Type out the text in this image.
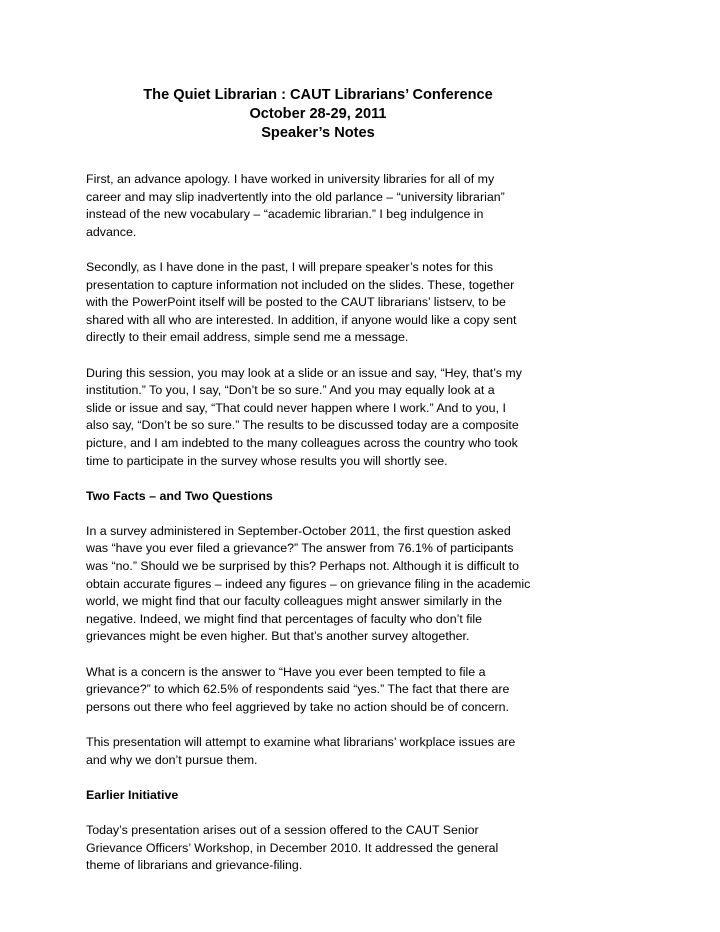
The Quiet Librarian : CAUT Librarians’ Conference
October 28-29, 2011
Speaker’s Notes
First, an advance apology. I have worked in university libraries for all of my
career and may slip inadvertently into the old parlance – “university librarian”
instead of the new vocabulary – “academic librarian.” I beg indulgence in
advance.
Secondly, as I have done in the past, I will prepare speaker’s notes for this
presentation to capture information not included on the slides. These, together
with the PowerPoint itself will be posted to the CAUT librarians’ listserv, to be
shared with all who are interested. In addition, if anyone would like a copy sent
directly to their email address, simple send me a message.
During this session, you may look at a slide or an issue and say, “Hey, that’s my
institution.” To you, I say, “Don’t be so sure.” And you may equally look at a
slide or issue and say, “That could never happen where I work.” And to you, I
also say, “Don’t be so sure.” The results to be discussed today are a composite
picture, and I am indebted to the many colleagues across the country who took
time to participate in the survey whose results you will shortly see.
Two Facts – and Two Questions
In a survey administered in September-October 2011, the first question asked
was “have you ever filed a grievance?” The answer from 76.1% of participants
was “no.” Should we be surprised by this? Perhaps not. Although it is difficult to
obtain accurate figures – indeed any figures – on grievance filing in the academic
world, we might find that our faculty colleagues might answer similarly in the
negative. Indeed, we might find that percentages of faculty who don’t file
grievances might be even higher. But that’s another survey altogether.
What is a concern is the answer to “Have you ever been tempted to file a
grievance?” to which 62.5% of respondents said “yes.” The fact that there are
persons out there who feel aggrieved by take no action should be of concern.
This presentation will attempt to examine what librarians’ workplace issues are
and why we don’t pursue them.
Earlier Initiative
Today’s presentation arises out of a session offered to the CAUT Senior
Grievance Officers’ Workshop, in December 2010. It addressed the general
theme of librarians and grievance-filing.
